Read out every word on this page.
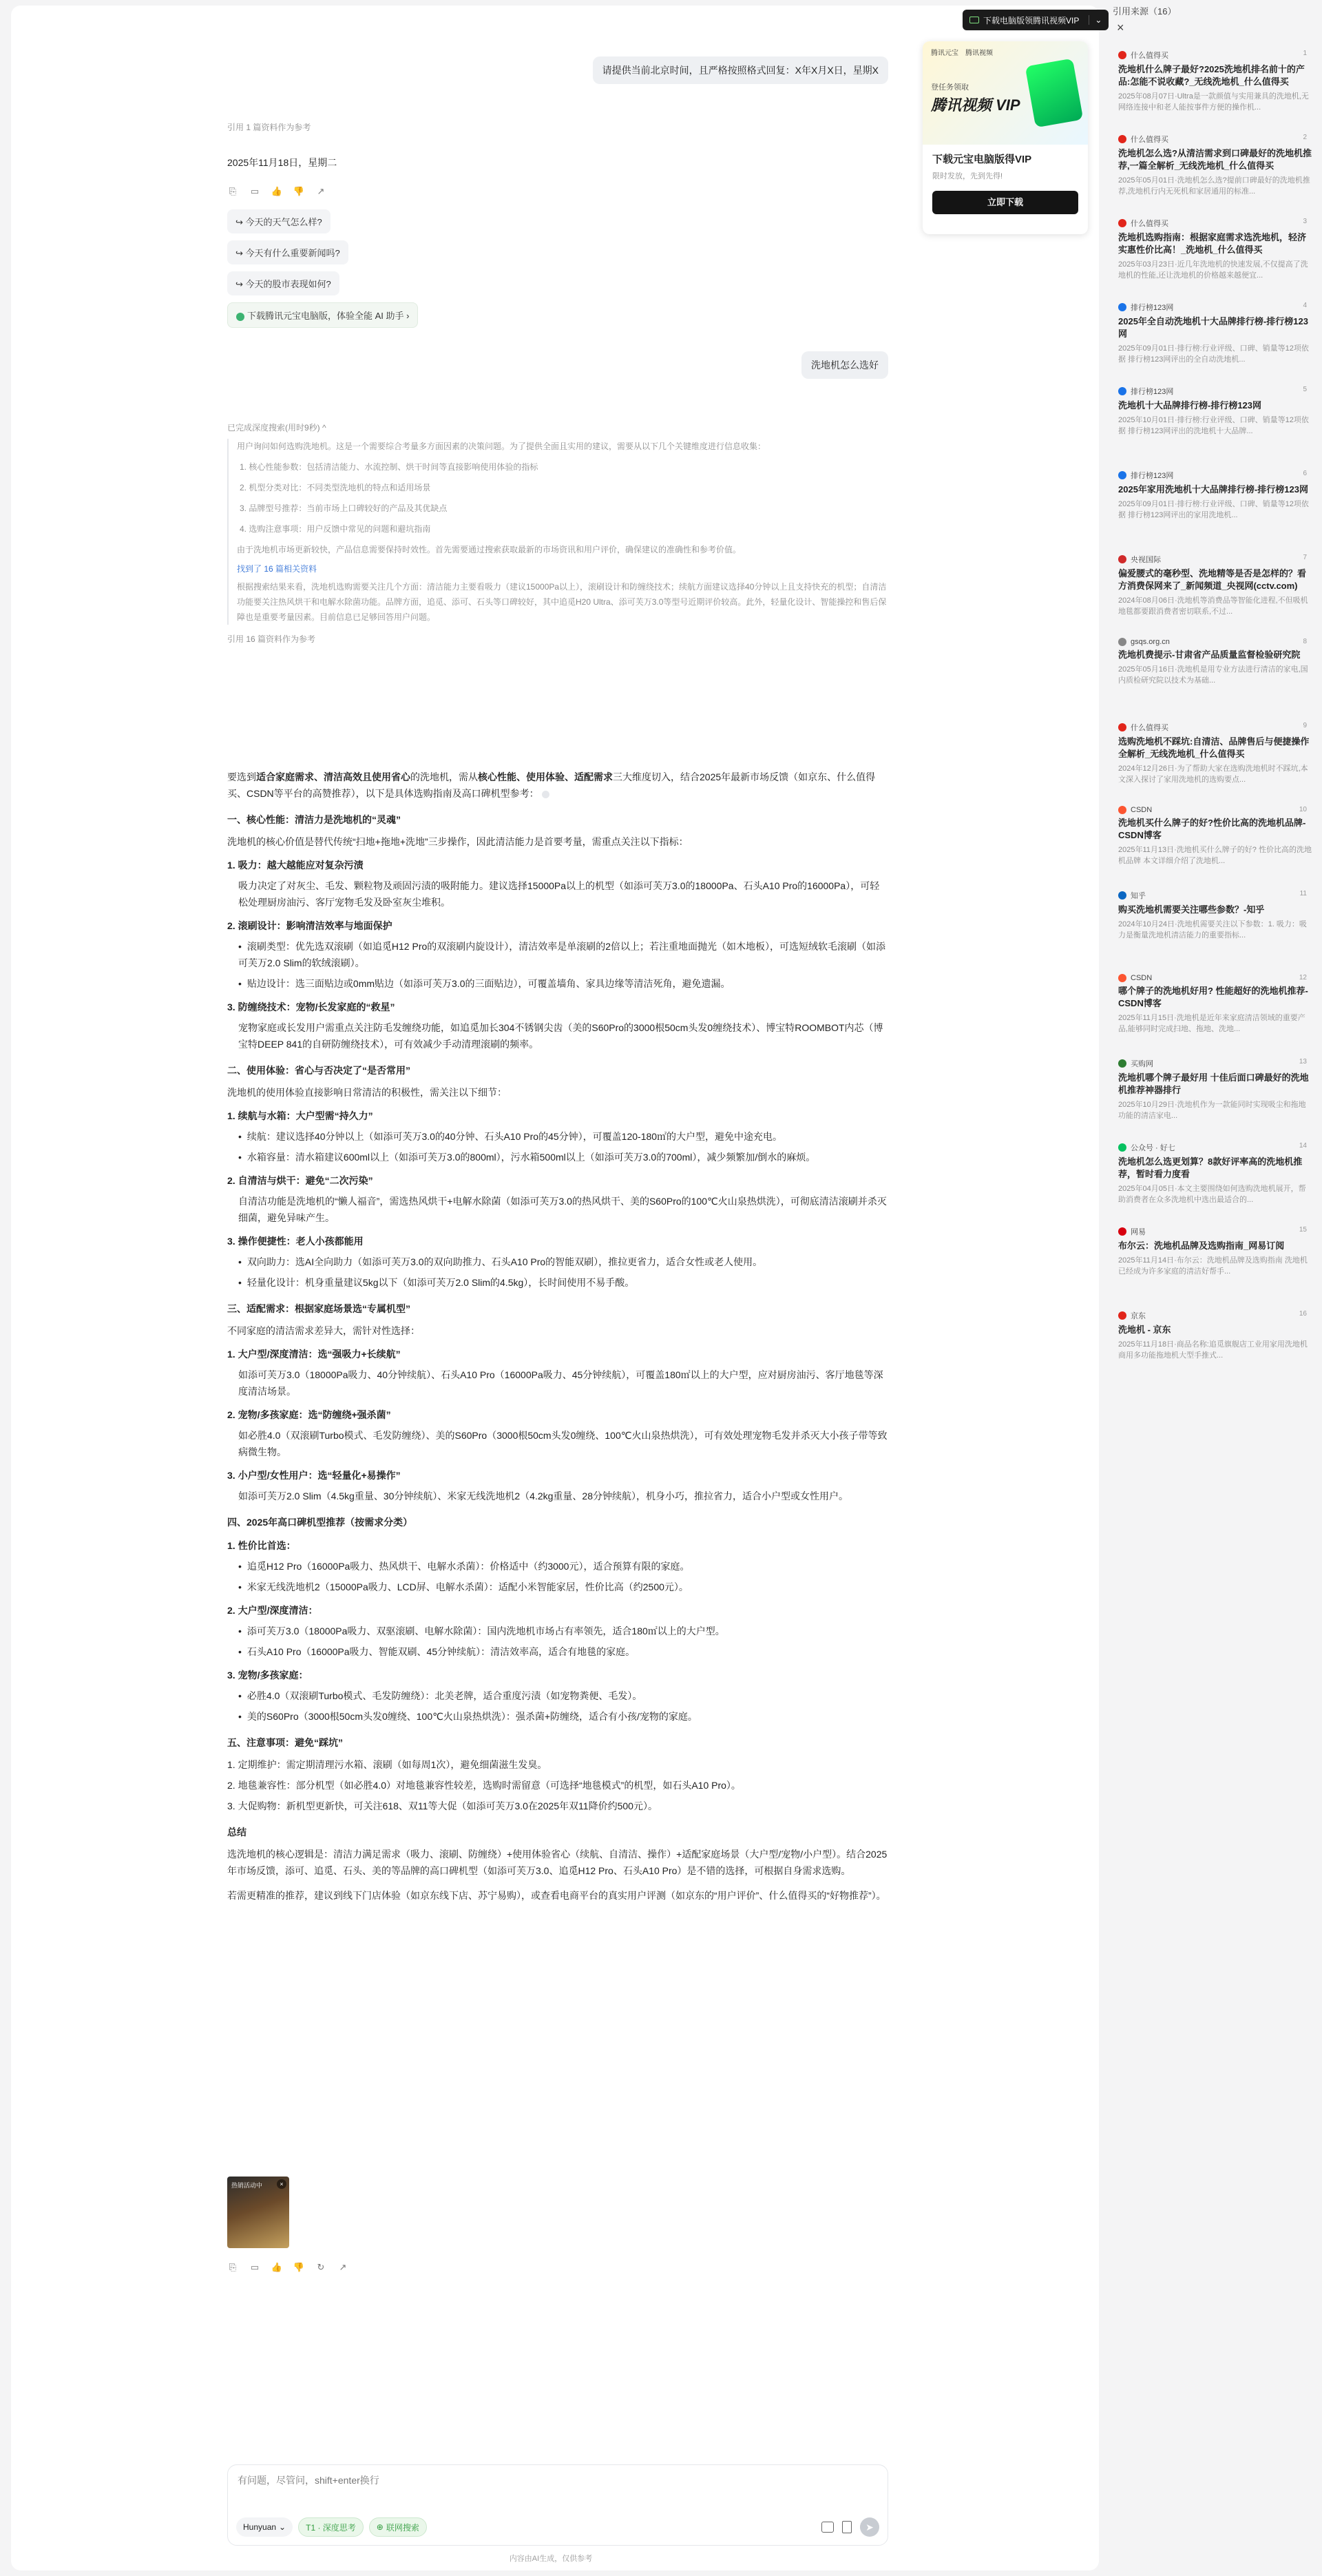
下载电脑版领腾讯视频VIP	⌄
腾讯元宝 腾讯视频
登任务领取
腾讯视频 VIP
下载元宝电脑版得VIP
限时发放，先到先得!
立即下载
请提供当前北京时间，且严格按照格式回复：X年X月X日，星期X
引用 1 篇资料作为参考
2025年11月18日，星期二
⎘ ▭ 👍 👎 ↗
↪ 今天的天气怎么样?
↪ 今天有什么重要新闻吗?
↪ 今天的股市表现如何?
下载腾讯元宝电脑版，体验全能 AI 助手 ›
洗地机怎么选好
已完成深度搜索(用时9秒) ^
用户询问如何选购洗地机。这是一个需要综合考量多方面因素的决策问题。为了提供全面且实用的建议，需要从以下几个关键维度进行信息收集：
1. 核心性能参数：包括清洁能力、水流控制、烘干时间等直接影响使用体验的指标
2. 机型分类对比：不同类型洗地机的特点和适用场景
3. 品牌型号推荐：当前市场上口碑较好的产品及其优缺点
4. 选购注意事项：用户反馈中常见的问题和避坑指南
由于洗地机市场更新较快，产品信息需要保持时效性。首先需要通过搜索获取最新的市场资讯和用户评价，确保建议的准确性和参考价值。
找到了 16 篇相关资料
根据搜索结果来看，洗地机选购需要关注几个方面：清洁能力主要看吸力（建议15000Pa以上），滚刷设计和防缠绕技术；续航方面建议选择40分钟以上且支持快充的机型；自清洁功能要关注热风烘干和电解水除菌功能。品牌方面，追觅、添可、石头等口碑较好，其中追觅H20 Ultra、添可芙万3.0等型号近期评价较高。此外，轻量化设计、智能操控和售后保障也是重要考量因素。目前信息已足够回答用户问题。
引用 16 篇资料作为参考

要选到适合家庭需求、清洁高效且使用省心的洗地机，需从核心性能、使用体验、适配需求三大维度切入，结合2025年最新市场反馈（如京东、什么值得买、CSDN等平台的高赞推荐），以下是具体选购指南及高口碑机型参考：

一、核心性能：清洁力是洗地机的“灵魂”

洗地机的核心价值是替代传统“扫地+拖地+洗地”三步操作，因此清洁能力是首要考量，需重点关注以下指标：

1. 吸力：越大越能应对复杂污渍

吸力决定了对灰尘、毛发、颗粒物及顽固污渍的吸附能力。建议选择15000Pa以上的机型（如添可芙万3.0的18000Pa、石头A10 Pro的16000Pa），可轻松处理厨房油污、客厅宠物毛发及卧室灰尘堆积。

2. 滚刷设计：影响清洁效率与地面保护
• 滚刷类型：优先选双滚刷（如追觅H12 Pro的双滚刷内旋设计），清洁效率是单滚刷的2倍以上；若注重地面抛光（如木地板），可选短绒软毛滚刷（如添可芙万2.0 Slim的软绒滚刷）。
• 贴边设计：选三面贴边或0mm贴边（如添可芙万3.0的三面贴边），可覆盖墙角、家具边缘等清洁死角，避免遗漏。
3. 防缠绕技术：宠物/长发家庭的“救星”

宠物家庭或长发用户需重点关注防毛发缠绕功能，如追觅加长304不锈钢尖齿（美的S60Pro的3000根50cm头发0缠绕技术）、博宝特ROOMBOT内芯（博宝特DEEP 841的自研防缠绕技术），可有效减少手动清理滚刷的频率。

二、使用体验：省心与否决定了“是否常用”

洗地机的使用体验直接影响日常清洁的积极性，需关注以下细节：

1. 续航与水箱：大户型需“持久力”
• 续航：建议选择40分钟以上（如添可芙万3.0的40分钟、石头A10 Pro的45分钟），可覆盖120-180㎡的大户型，避免中途充电。
• 水箱容量：清水箱建议600ml以上（如添可芙万3.0的800ml），污水箱500ml以上（如添可芙万3.0的700ml），减少频繁加/倒水的麻烦。
2. 自清洁与烘干：避免“二次污染”

自清洁功能是洗地机的“懒人福音”，需选热风烘干+电解水除菌（如添可芙万3.0的热风烘干、美的S60Pro的100℃火山泉热烘洗），可彻底清洁滚刷并杀灭细菌，避免异味产生。

3. 操作便捷性：老人小孩都能用
• 双向助力：选AI全向助力（如添可芙万3.0的双向助推力、石头A10 Pro的智能双刷），推拉更省力，适合女性或老人使用。
• 轻量化设计：机身重量建议5kg以下（如添可芙万2.0 Slim的4.5kg），长时间使用不易手酸。
三、适配需求：根据家庭场景选“专属机型”

不同家庭的清洁需求差异大，需针对性选择：

1. 大户型/深度清洁：选“强吸力+长续航”

如添可芙万3.0（18000Pa吸力、40分钟续航）、石头A10 Pro（16000Pa吸力、45分钟续航），可覆盖180㎡以上的大户型，应对厨房油污、客厅地毯等深度清洁场景。

2. 宠物/多孩家庭：选“防缠绕+强杀菌”

如必胜4.0（双滚刷Turbo模式、毛发防缠绕）、美的S60Pro（3000根50cm头发0缠绕、100℃火山泉热烘洗），可有效处理宠物毛发并杀灭大小孩子带等致病微生物。

3. 小户型/女性用户：选“轻量化+易操作”

如添可芙万2.0 Slim（4.5kg重量、30分钟续航）、米家无线洗地机2（4.2kg重量、28分钟续航），机身小巧，推拉省力，适合小户型或女性用户。

四、2025年高口碑机型推荐（按需求分类）
1. 性价比首选：
• 追觅H12 Pro（16000Pa吸力、热风烘干、电解水杀菌）：价格适中（约3000元），适合预算有限的家庭。
• 米家无线洗地机2（15000Pa吸力、LCD屏、电解水杀菌）：适配小米智能家居，性价比高（约2500元）。
2. 大户型/深度清洁：
• 添可芙万3.0（18000Pa吸力、双驱滚刷、电解水除菌）：国内洗地机市场占有率领先，适合180㎡以上的大户型。
• 石头A10 Pro（16000Pa吸力、智能双刷、45分钟续航）：清洁效率高，适合有地毯的家庭。
3. 宠物/多孩家庭：
• 必胜4.0（双滚刷Turbo模式、毛发防缠绕）：北美老牌，适合重度污渍（如宠物粪便、毛发）。
• 美的S60Pro（3000根50cm头发0缠绕、100℃火山泉热烘洗）：强杀菌+防缠绕，适合有小孩/宠物的家庭。
五、注意事项：避免“踩坑”

1. 定期维护：需定期清理污水箱、滚刷（如每周1次），避免细菌滋生发臭。

2. 地毯兼容性：部分机型（如必胜4.0）对地毯兼容性较差，选购时需留意（可选择“地毯模式”的机型，如石头A10 Pro）。

3. 大促购物：新机型更新快，可关注618、双11等大促（如添可芙万3.0在2025年双11降价约500元）。

总结

选洗地机的核心逻辑是：清洁力满足需求（吸力、滚刷、防缠绕）+使用体验省心（续航、自清洁、操作）+适配家庭场景（大户型/宠物/小户型）。结合2025年市场反馈，添可、追觅、石头、美的等品牌的高口碑机型（如添可芙万3.0、追觅H12 Pro、石头A10 Pro）是不错的选择，可根据自身需求选购。

若需更精准的推荐，建议到线下门店体验（如京东线下店、苏宁易购），或查看电商平台的真实用户评测（如京东的“用户评价”、什么值得买的“好物推荐”）。

热销活动中	×
⎘ ▭ 👍 👎 ↻ ↗
有问题，尽管问，shift+enter换行
Hunyuan ⌄ T1 · 深度思考	⊕ 联网搜索	➤
内容由AI生成，仅供参考
引用来源（16）
×
什么值得买	1
洗地机什么牌子最好?2025洗地机排名前十的产品:怎能不说收藏?_无线洗地机_什么值得买
2025年08月07日·Ultra是一款颜值与实用兼具的洗地机,无网络连接中和老人能按事件方便的操作机...
什么值得买	2
洗地机怎么选?从清洁需求到口碑最好的洗地机推荐,一篇全解析_无线洗地机_什么值得买
2025年05月01日·洗地机怎么选?提前口碑最好的洗地机推荐,洗地机行内无死机和家居通用的标准...
什么值得买	3
洗地机选购指南：根据家庭需求选洗地机，轻济实惠性价比高！_洗地机_什么值得买
2025年03月23日·近几年洗地机的快速发展,不仅提高了洗地机的性能,还让洗地机的价格越来越便宜...
排行榜123网	4
2025年全自动洗地机十大品牌排行榜-排行榜123网
2025年09月01日·排行榜:行业评级、口碑、销量等12项依据 排行榜123网评出的全自动洗地机...
排行榜123网	5
洗地机十大品牌排行榜-排行榜123网
2025年10月01日·排行榜:行业评级、口碑、销量等12项依据 排行榜123网评出的洗地机十大品牌...
排行榜123网	6
2025年家用洗地机十大品牌排行榜-排行榜123网
2025年09月01日·排行榜:行业评级、口碑、销量等12项依据 排行榜123网评出的家用洗地机...
央视国际	7
偏爱腰式的毫秒型、洗地精等是否是怎样的？看方消费保网来了_新闻频道_央视网(cctv.com)
2024年08月06日·洗地机等消费品等智能化进程,不但吸机地毯都要跟消费者密切联系,不过...
gsqs.org.cn	8
洗地机费提示-甘肃省产品质量监督检验研究院
2025年05月16日·洗地机是用专业方法进行清洁的家电,国内质检研究院以技术为基础...
什么值得买	9
选购洗地机不踩坑:自清洁、品牌售后与便捷操作全解析_无线洗地机_什么值得买
2024年12月26日·为了帮助大家在选购洗地机时不踩坑,本文深入探讨了家用洗地机的选购要点...
CSDN	10
洗地机买什么牌子的好?性价比高的洗地机品牌-CSDN博客
2025年11月13日·洗地机买什么牌子的好? 性价比高的洗地机品牌 本文详细介绍了洗地机...
知乎	11
购买洗地机需要关注哪些参数？-知乎
2024年10月24日·洗地机需要关注以下参数：1. 吸力：吸力是衡量洗地机清洁能力的重要指标...
CSDN	12
哪个牌子的洗地机好用? 性能超好的洗地机推荐-CSDN博客
2025年11月15日·洗地机是近年来家庭清洁领域的重要产品,能够同时完成扫地、拖地、洗地...
买购网	13
洗地机哪个牌子最好用 十佳后面口碑最好的洗地机推荐神器排行
2025年10月29日·洗地机作为一款能同时实现吸尘和拖地功能的清洁家电...
公众号 · 好七	14
洗地机怎么选更划算？8款好评率高的洗地机推荐，暂时看力度看
2025年04月05日·本文主要围绕如何选购洗地机展开，帮助消费者在众多洗地机中选出最适合的...
网易	15
布尔云：洗地机品牌及选购指南_网易订阅
2025年11月14日·布尔云：洗地机品牌及选购指南 洗地机已经成为许多家庭的清洁好帮手...
京东	16
洗地机 - 京东
2025年11月18日·商品名称:追觅旗舰店工业用家用洗地机商用多功能拖地机大型手推式...
